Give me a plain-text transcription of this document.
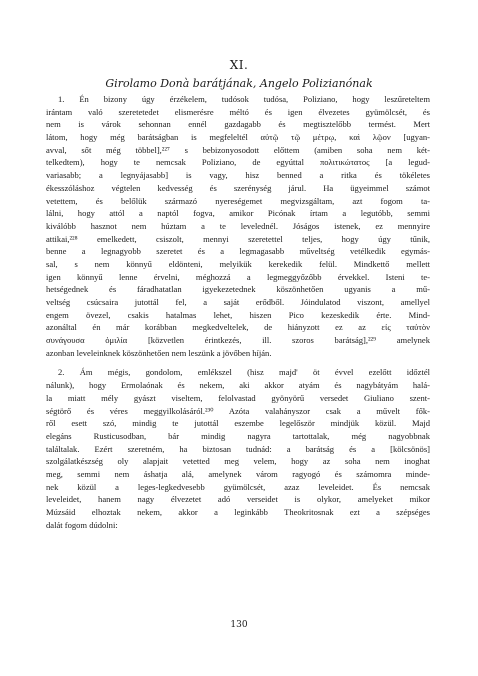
XI.
Girolamo Donà barátjának, Angelo Polizianónak
1. Én bizony úgy érzékelem, tudósok tudósa, Poliziano, hogy leszűreteltem
irántam való szeretetedet elismerésre méltó és igen élvezetes gyümölcsét, és
nem is várok sehonnan ennél gazdagabb és megtisztelőbb termést. Mert
látom, hogy még barátságban is megfeleltél αὐτῷ τῷ μέτρῳ, καὶ λῷον [ugyan-
avval, sőt még többel],²²⁷ s bebizonyosodott előttem (amiben soha nem két-
telkedtem), hogy te nemcsak Poliziano, de egyúttal πολιτικώτατος [a legud-
variasabb; a legnyájasabb] is vagy, hisz benned a ritka és tökéletes
ékesszóláshoz végtelen kedvesség és szerénység járul. Ha ügyeimmel számot
vetettem, és belőlük származó nyereségemet megvizsgáltam, azt fogom ta-
lálni, hogy attól a naptól fogva, amikor Picónak írtam a legutóbb, semmi
kiválóbb hasznot nem húztam a te levelednél. Jóságos istenek, ez mennyire
attikai,²²⁸ emelkedett, csiszolt, mennyi szeretettel teljes, hogy úgy tűnik,
benne a legnagyobb szeretet és a legmagasabb műveltség vetélkedik egymás-
sal, s nem könnyű eldönteni, melyikük kerekedik felül. Mindkettő mellett
igen könnyű lenne érvelni, méghozzá a legmeggyőzőbb érvekkel. Isteni te-
hetségednek és fáradhatatlan igyekezetednek köszönhetően ugyanis a mű-
veltség csúcsaira jutottál fel, a saját erődből. Jóindulatod viszont, amellyel
engem övezel, csakis hatalmas lehet, hiszen Pico kezeskedik érte. Mind-
azonáltal én már korábban megkedveltelek, de hiányzott ez az εἰς ταὐτὸν
συνάγουσα ὁμιλία [közvetlen érintkezés, ill. szoros barátság],²²⁹ amelynek
azonban leveleinknek köszönhetően nem leszünk a jövőben híján.
2. Ám mégis, gondolom, emlékszel (hisz majd' öt évvel ezelőtt időztél
nálunk), hogy Ermolaónak és nekem, aki akkor atyám és nagybátyám halá-
la miatt mély gyászt viseltem, felolvastad gyönyörű versedet Giuliano szent-
ségtörő és véres meggyilkolásáról.²³⁰ Azóta valahányszor csak a művelt fők-
ről esett szó, mindig te jutottál eszembe legelőször mindjük közül. Majd
elegáns Rusticusodban, bár mindig nagyra tartottalak, még nagyobbnak
találtalak. Ezért szeretném, ha biztosan tudnád: a barátság és a [kölcsönös]
szolgálatkészség oly alapjait vetetted meg velem, hogy az soha nem inoghat
meg, semmi nem áshatja alá, amelynek várom ragyogó és számomra minde-
nek közül a leges-legkedvesebb gyümölcsét, azaz leveleidet. És nemcsak
leveleidet, hanem nagy élvezetet adó verseidet is olykor, amelyeket mikor
Múzsáid elhoztak nekem, akkor a leginkább Theokritosnak ezt a szépséges
dalát fogom dúdolni:
130
